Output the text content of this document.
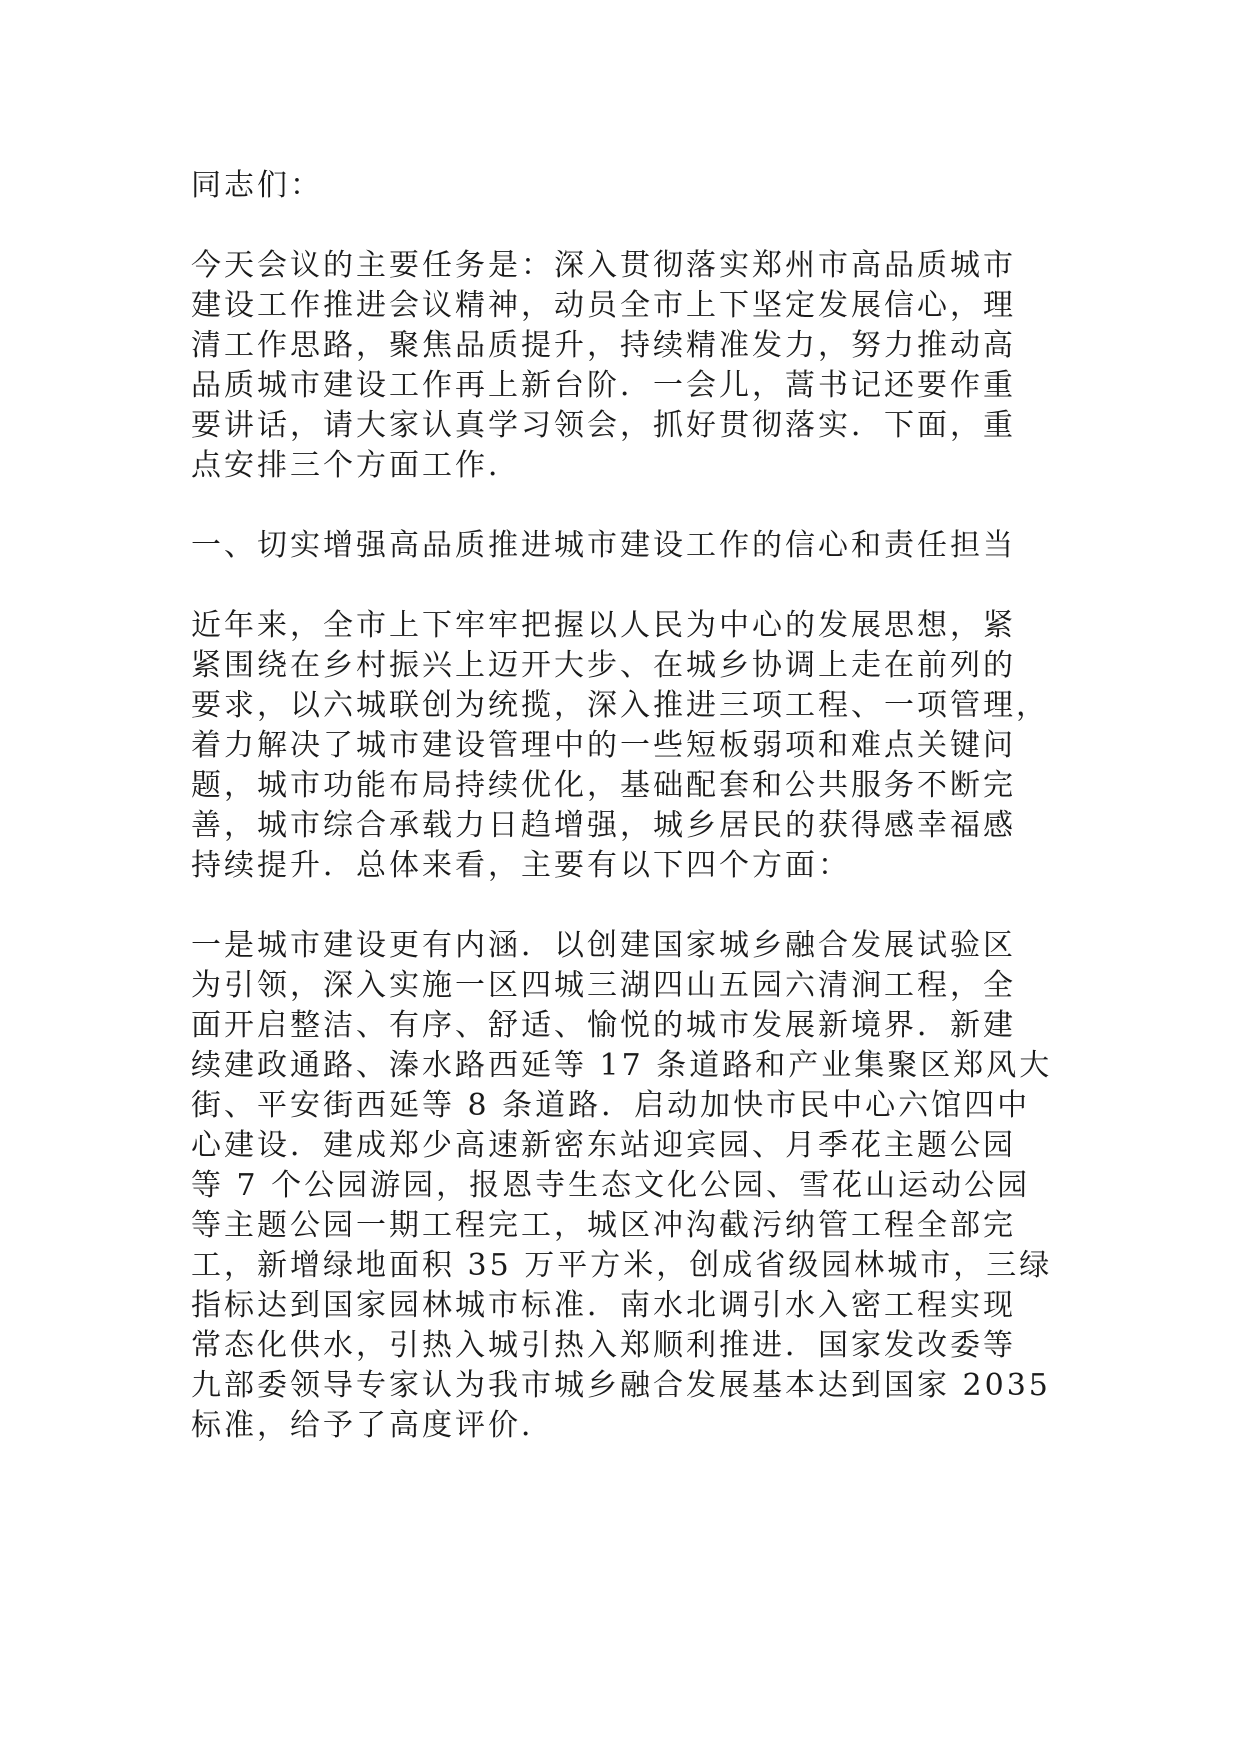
同志们：
今天会议的主要任务是：深入贯彻落实郑州市高品质城市
建设工作推进会议精神，动员全市上下坚定发展信心，理
清工作思路，聚焦品质提升，持续精准发力，努力推动高
品质城市建设工作再上新台阶．一会儿，蒿书记还要作重
要讲话，请大家认真学习领会，抓好贯彻落实．下面，重
点安排三个方面工作．
一、切实增强高品质推进城市建设工作的信心和责任担当
近年来，全市上下牢牢把握以人民为中心的发展思想，紧
紧围绕在乡村振兴上迈开大步、在城乡协调上走在前列的
要求，以六城联创为统揽，深入推进三项工程、一项管理，
着力解决了城市建设管理中的一些短板弱项和难点关键问
题，城市功能布局持续优化，基础配套和公共服务不断完
善，城市综合承载力日趋增强，城乡居民的获得感幸福感
持续提升．总体来看，主要有以下四个方面：
一是城市建设更有内涵．以创建国家城乡融合发展试验区
为引领，深入实施一区四城三湖四山五园六清涧工程，全
面开启整洁、有序、舒适、愉悦的城市发展新境界．新建
续建政通路、溱水路西延等 17 条道路和产业集聚区郑风大
街、平安街西延等 8 条道路．启动加快市民中心六馆四中
心建设．建成郑少高速新密东站迎宾园、月季花主题公园
等 7 个公园游园，报恩寺生态文化公园、雪花山运动公园
等主题公园一期工程完工，城区冲沟截污纳管工程全部完
工，新增绿地面积 35 万平方米，创成省级园林城市，三绿
指标达到国家园林城市标准．南水北调引水入密工程实现
常态化供水，引热入城引热入郑顺利推进．国家发改委等
九部委领导专家认为我市城乡融合发展基本达到国家 2035
标准，给予了高度评价．
